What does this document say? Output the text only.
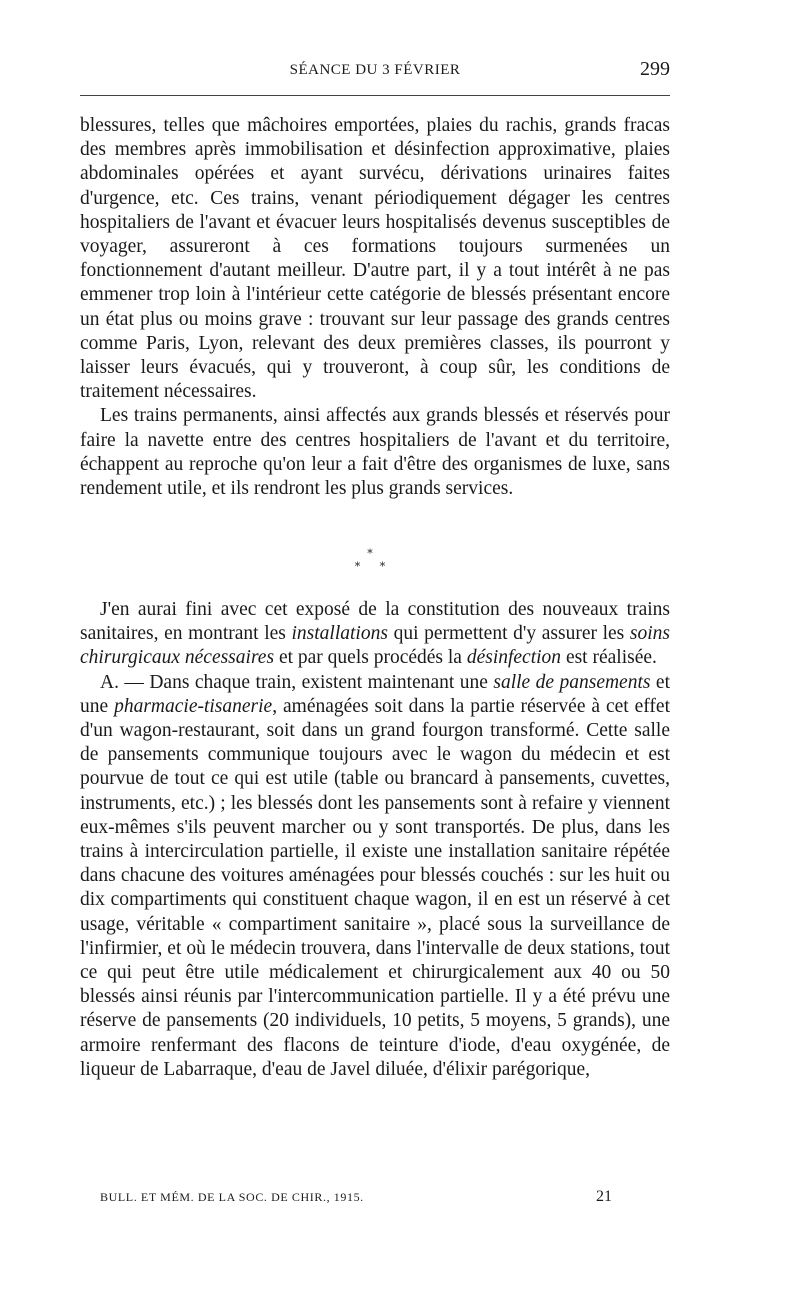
SÉANCE DU 3 FÉVRIER	299

blessures, telles que mâchoires emportées, plaies du rachis, grands fracas des membres après immobilisation et désinfection approximative, plaies abdominales opérées et ayant survécu, dérivations urinaires faites d'urgence, etc. Ces trains, venant périodiquement dégager les centres hospitaliers de l'avant et évacuer leurs hospitalisés devenus susceptibles de voyager, assureront à ces formations toujours surmenées un fonctionnement d'autant meilleur. D'autre part, il y a tout intérêt à ne pas emmener trop loin à l'intérieur cette catégorie de blessés présentant encore un état plus ou moins grave : trouvant sur leur passage des grands centres comme Paris, Lyon, relevant des deux premières classes, ils pourront y laisser leurs évacués, qui y trouveront, à coup sûr, les conditions de traitement nécessaires.

Les trains permanents, ainsi affectés aux grands blessés et réservés pour faire la navette entre des centres hospitaliers de l'avant et du territoire, échappent au reproche qu'on leur a fait d'être des organismes de luxe, sans rendement utile, et ils rendront les plus grands services.

*
* *

J'en aurai fini avec cet exposé de la constitution des nouveaux trains sanitaires, en montrant les installations qui permettent d'y assurer les soins chirurgicaux nécessaires et par quels procédés la désinfection est réalisée.

A. — Dans chaque train, existent maintenant une salle de pansements et une pharmacie-tisanerie, aménagées soit dans la partie réservée à cet effet d'un wagon-restaurant, soit dans un grand fourgon transformé. Cette salle de pansements communique toujours avec le wagon du médecin et est pourvue de tout ce qui est utile (table ou brancard à pansements, cuvettes, instruments, etc.) ; les blessés dont les pansements sont à refaire y viennent eux-mêmes s'ils peuvent marcher ou y sont transportés. De plus, dans les trains à intercirculation partielle, il existe une installation sanitaire répétée dans chacune des voitures aménagées pour blessés couchés : sur les huit ou dix compartiments qui constituent chaque wagon, il en est un réservé à cet usage, véritable « compartiment sanitaire », placé sous la surveillance de l'infirmier, et où le médecin trouvera, dans l'intervalle de deux stations, tout ce qui peut être utile médicalement et chirurgicalement aux 40 ou 50 blessés ainsi réunis par l'intercommunication partielle. Il y a été prévu une réserve de pansements (20 individuels, 10 petits, 5 moyens, 5 grands), une armoire renfermant des flacons de teinture d'iode, d'eau oxygénée, de liqueur de Labarraque, d'eau de Javel diluée, d'élixir parégorique,

BULL. ET MÉM. DE LA SOC. DE CHIR., 1915.	21
